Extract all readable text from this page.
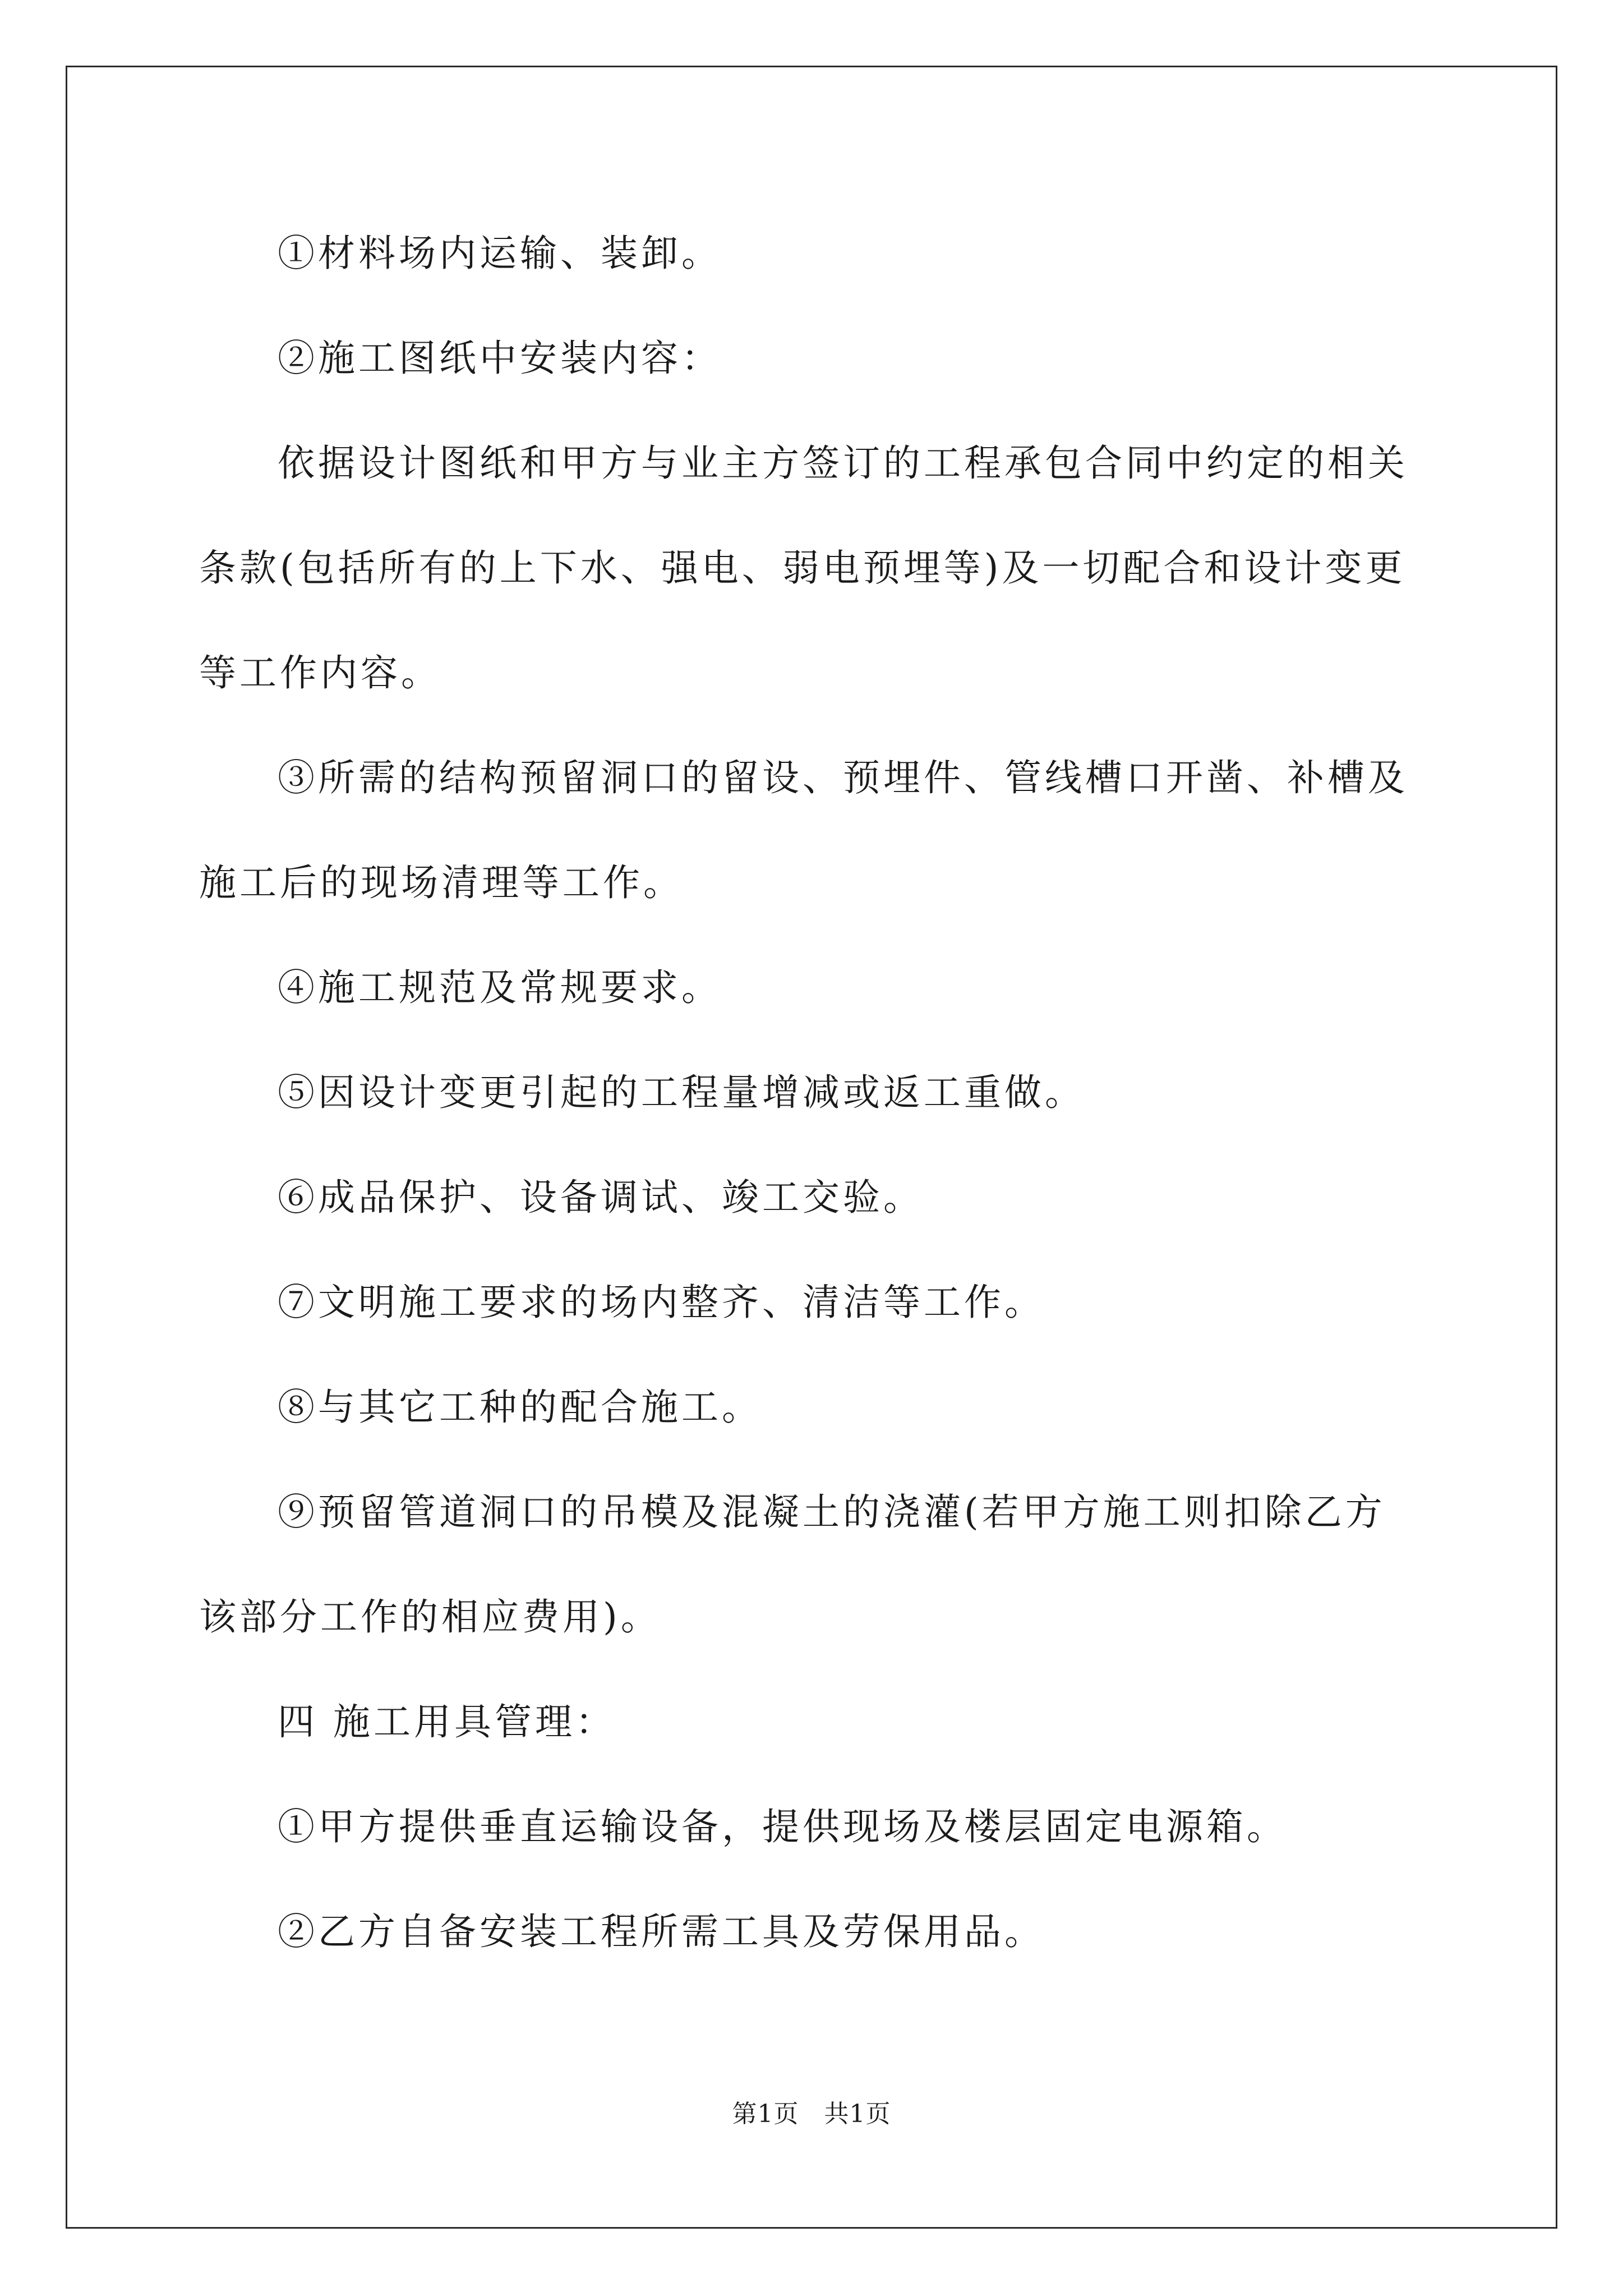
①材料场内运输、装卸。

②施工图纸中安装内容：

依据设计图纸和甲方与业主方签订的工程承包合同中约定的相关

条款(包括所有的上下水、强电、弱电预埋等)及一切配合和设计变更

等工作内容。

③所需的结构预留洞口的留设、预埋件、管线槽口开凿、补槽及

施工后的现场清理等工作。

④施工规范及常规要求。

⑤因设计变更引起的工程量增减或返工重做。

⑥成品保护、设备调试、竣工交验。

⑦文明施工要求的场内整齐、清洁等工作。

⑧与其它工种的配合施工。

⑨预留管道洞口的吊模及混凝土的浇灌(若甲方施工则扣除乙方

该部分工作的相应费用)。

四 施工用具管理：

①甲方提供垂直运输设备，提供现场及楼层固定电源箱。

②乙方自备安装工程所需工具及劳保用品。

第1页   共1页
